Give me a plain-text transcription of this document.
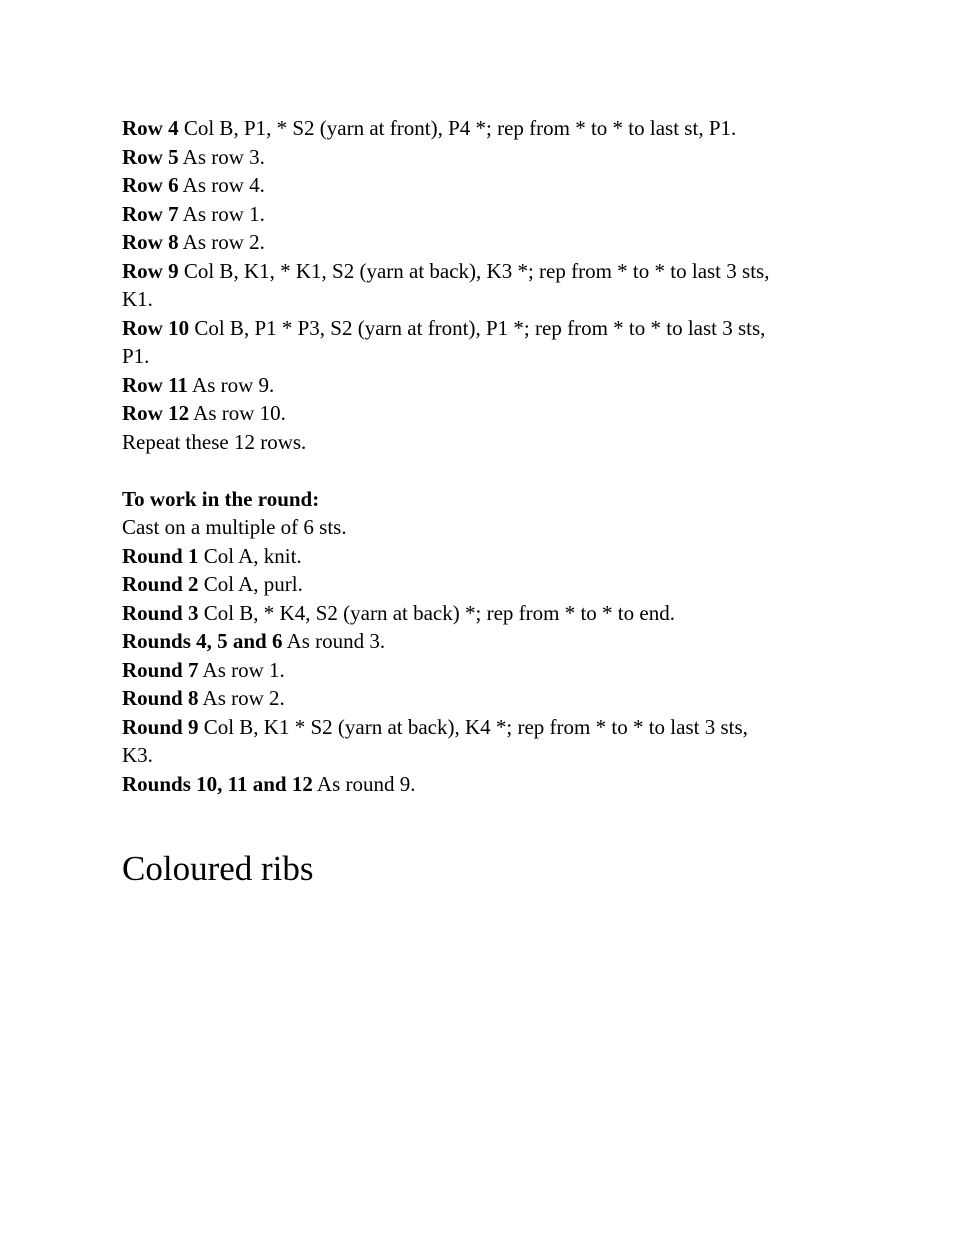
Row 4 Col B, P1, * S2 (yarn at front), P4 *; rep from * to * to last st, P1.
Row 5 As row 3.
Row 6 As row 4.
Row 7 As row 1.
Row 8 As row 2.
Row 9 Col B, K1, * K1, S2 (yarn at back), K3 *; rep from * to * to last 3 sts,
K1.
Row 10 Col B, P1 * P3, S2 (yarn at front), P1 *; rep from * to * to last 3 sts,
P1.
Row 11 As row 9.
Row 12 As row 10.
Repeat these 12 rows.
To work in the round:
Cast on a multiple of 6 sts.
Round 1 Col A, knit.
Round 2 Col A, purl.
Round 3 Col B, * K4, S2 (yarn at back) *; rep from * to * to end.
Rounds 4, 5 and 6 As round 3.
Round 7 As row 1.
Round 8 As row 2.
Round 9 Col B, K1 * S2 (yarn at back), K4 *; rep from * to * to last 3 sts,
K3.
Rounds 10, 11 and 12 As round 9.
Coloured ribs
